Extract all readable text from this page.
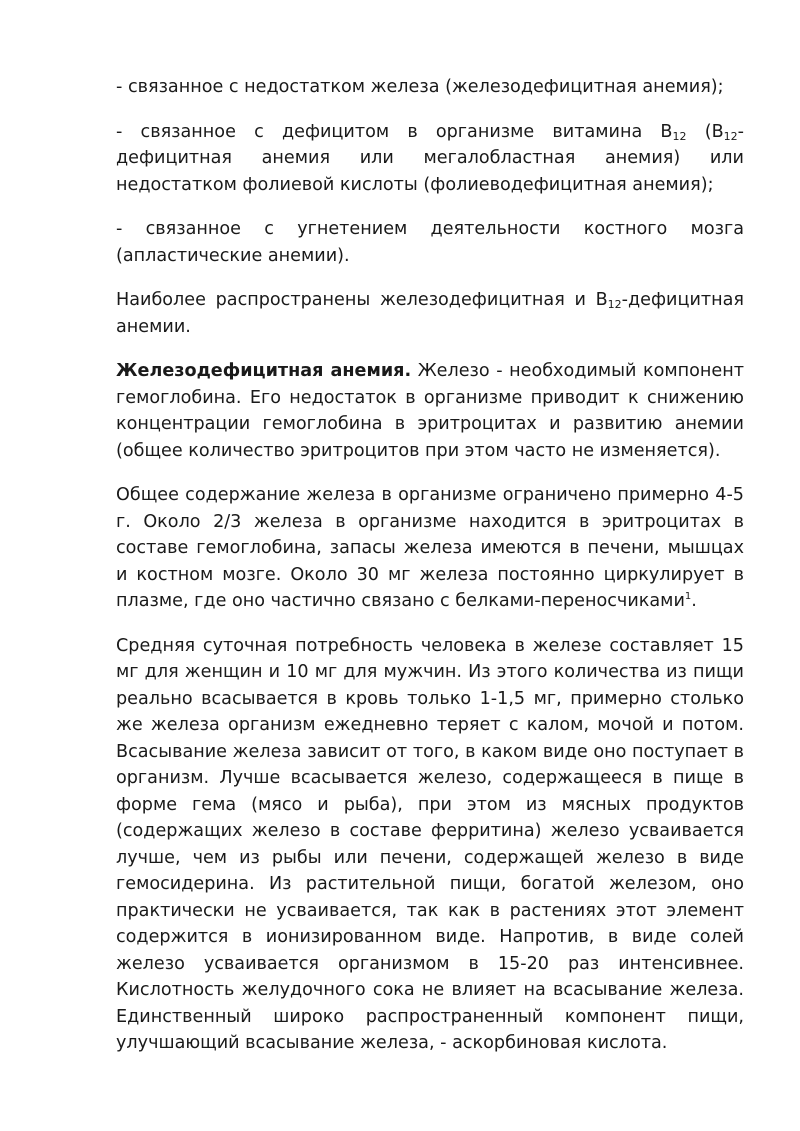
- связанное с недостатком железа (железодефицитная анемия);

- связанное с дефицитом в организме витамина $B_{12}$ ($B_{12}$-дефицитная анемия или мегалобластная анемия) или недостатком фолиевой кислоты (фолиеводефицитная анемия);

- связанное с угнетением деятельности костного мозга (апластические анемии).

Наиболее распространены железодефицитная и $B_{12}$-дефицитная анемии.

Железодефицитная анемия. Железо - необходимый компонент гемоглобина. Его недостаток в организме приводит к снижению концентрации гемоглобина в эритроцитах и развитию анемии (общее количество эритроцитов при этом часто не изменяется).

Общее содержание железа в организме ограничено примерно 4-5 г. Около 2/3 железа в организме находится в эритроцитах в составе гемоглобина, запасы железа имеются в печени, мышцах и костном мозге. Около 30 мг железа постоянно циркулирует в плазме, где оно частично связано с белками-переносчиками$^1$.

Средняя суточная потребность человека в железе составляет 15 мг для женщин и 10 мг для мужчин. Из этого количества из пищи реально всасывается в кровь только 1-1,5 мг, примерно столько же железа организм ежедневно теряет с калом, мочой и потом. Всасывание железа зависит от того, в каком виде оно поступает в организм. Лучше всасывается железо, содержащееся в пище в форме гема (мясо и рыба), при этом из мясных продуктов (содержащих железо в составе ферритина) железо усваивается лучше, чем из рыбы или печени, содержащей железо в виде гемосидерина. Из растительной пищи, богатой железом, оно практически не усваивается, так как в растениях этот элемент содержится в ионизированном виде. Напротив, в виде солей железо усваивается организмом в 15-20 раз интенсивнее. Кислотность желудочного сока не влияет на всасывание железа. Единственный широко распространенный компонент пищи, улучшающий всасывание железа, - аскорбиновая кислота.
